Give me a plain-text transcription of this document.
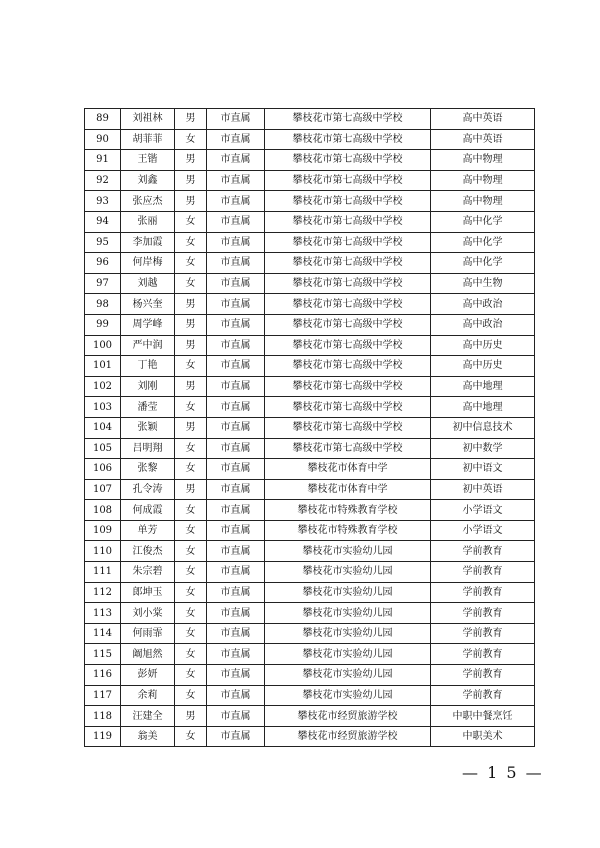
89	刘祖林	男	市直属	攀枝花市第七高级中学校	高中英语
90	胡菲菲	女	市直属	攀枝花市第七高级中学校	高中英语
91	王锴	男	市直属	攀枝花市第七高级中学校	高中物理
92	刘鑫	男	市直属	攀枝花市第七高级中学校	高中物理
93	张应杰	男	市直属	攀枝花市第七高级中学校	高中物理
94	张丽	女	市直属	攀枝花市第七高级中学校	高中化学
95	李加霞	女	市直属	攀枝花市第七高级中学校	高中化学
96	何岸梅	女	市直属	攀枝花市第七高级中学校	高中化学
97	刘越	女	市直属	攀枝花市第七高级中学校	高中生物
98	杨兴奎	男	市直属	攀枝花市第七高级中学校	高中政治
99	周学峰	男	市直属	攀枝花市第七高级中学校	高中政治
100	严中润	男	市直属	攀枝花市第七高级中学校	高中历史
101	丁艳	女	市直属	攀枝花市第七高级中学校	高中历史
102	刘刚	男	市直属	攀枝花市第七高级中学校	高中地理
103	潘莹	女	市直属	攀枝花市第七高级中学校	高中地理
104	张颖	男	市直属	攀枝花市第七高级中学校	初中信息技术
105	吕明翔	女	市直属	攀枝花市第七高级中学校	初中数学
106	张黎	女	市直属	攀枝花市体育中学	初中语文
107	孔令涛	男	市直属	攀枝花市体育中学	初中英语
108	何成霞	女	市直属	攀枝花市特殊教育学校	小学语文
109	单芳	女	市直属	攀枝花市特殊教育学校	小学语文
110	江俊杰	女	市直属	攀枝花市实验幼儿园	学前教育
111	朱宗碧	女	市直属	攀枝花市实验幼儿园	学前教育
112	郎坤玉	女	市直属	攀枝花市实验幼儿园	学前教育
113	刘小棠	女	市直属	攀枝花市实验幼儿园	学前教育
114	何雨霏	女	市直属	攀枝花市实验幼儿园	学前教育
115	阚旭然	女	市直属	攀枝花市实验幼儿园	学前教育
116	彭妍	女	市直属	攀枝花市实验幼儿园	学前教育
117	余莉	女	市直属	攀枝花市实验幼儿园	学前教育
118	汪建全	男	市直属	攀枝花市经贸旅游学校	中职中餐烹饪
119	翁美	女	市直属	攀枝花市经贸旅游学校	中职美术
— 1 5 —
